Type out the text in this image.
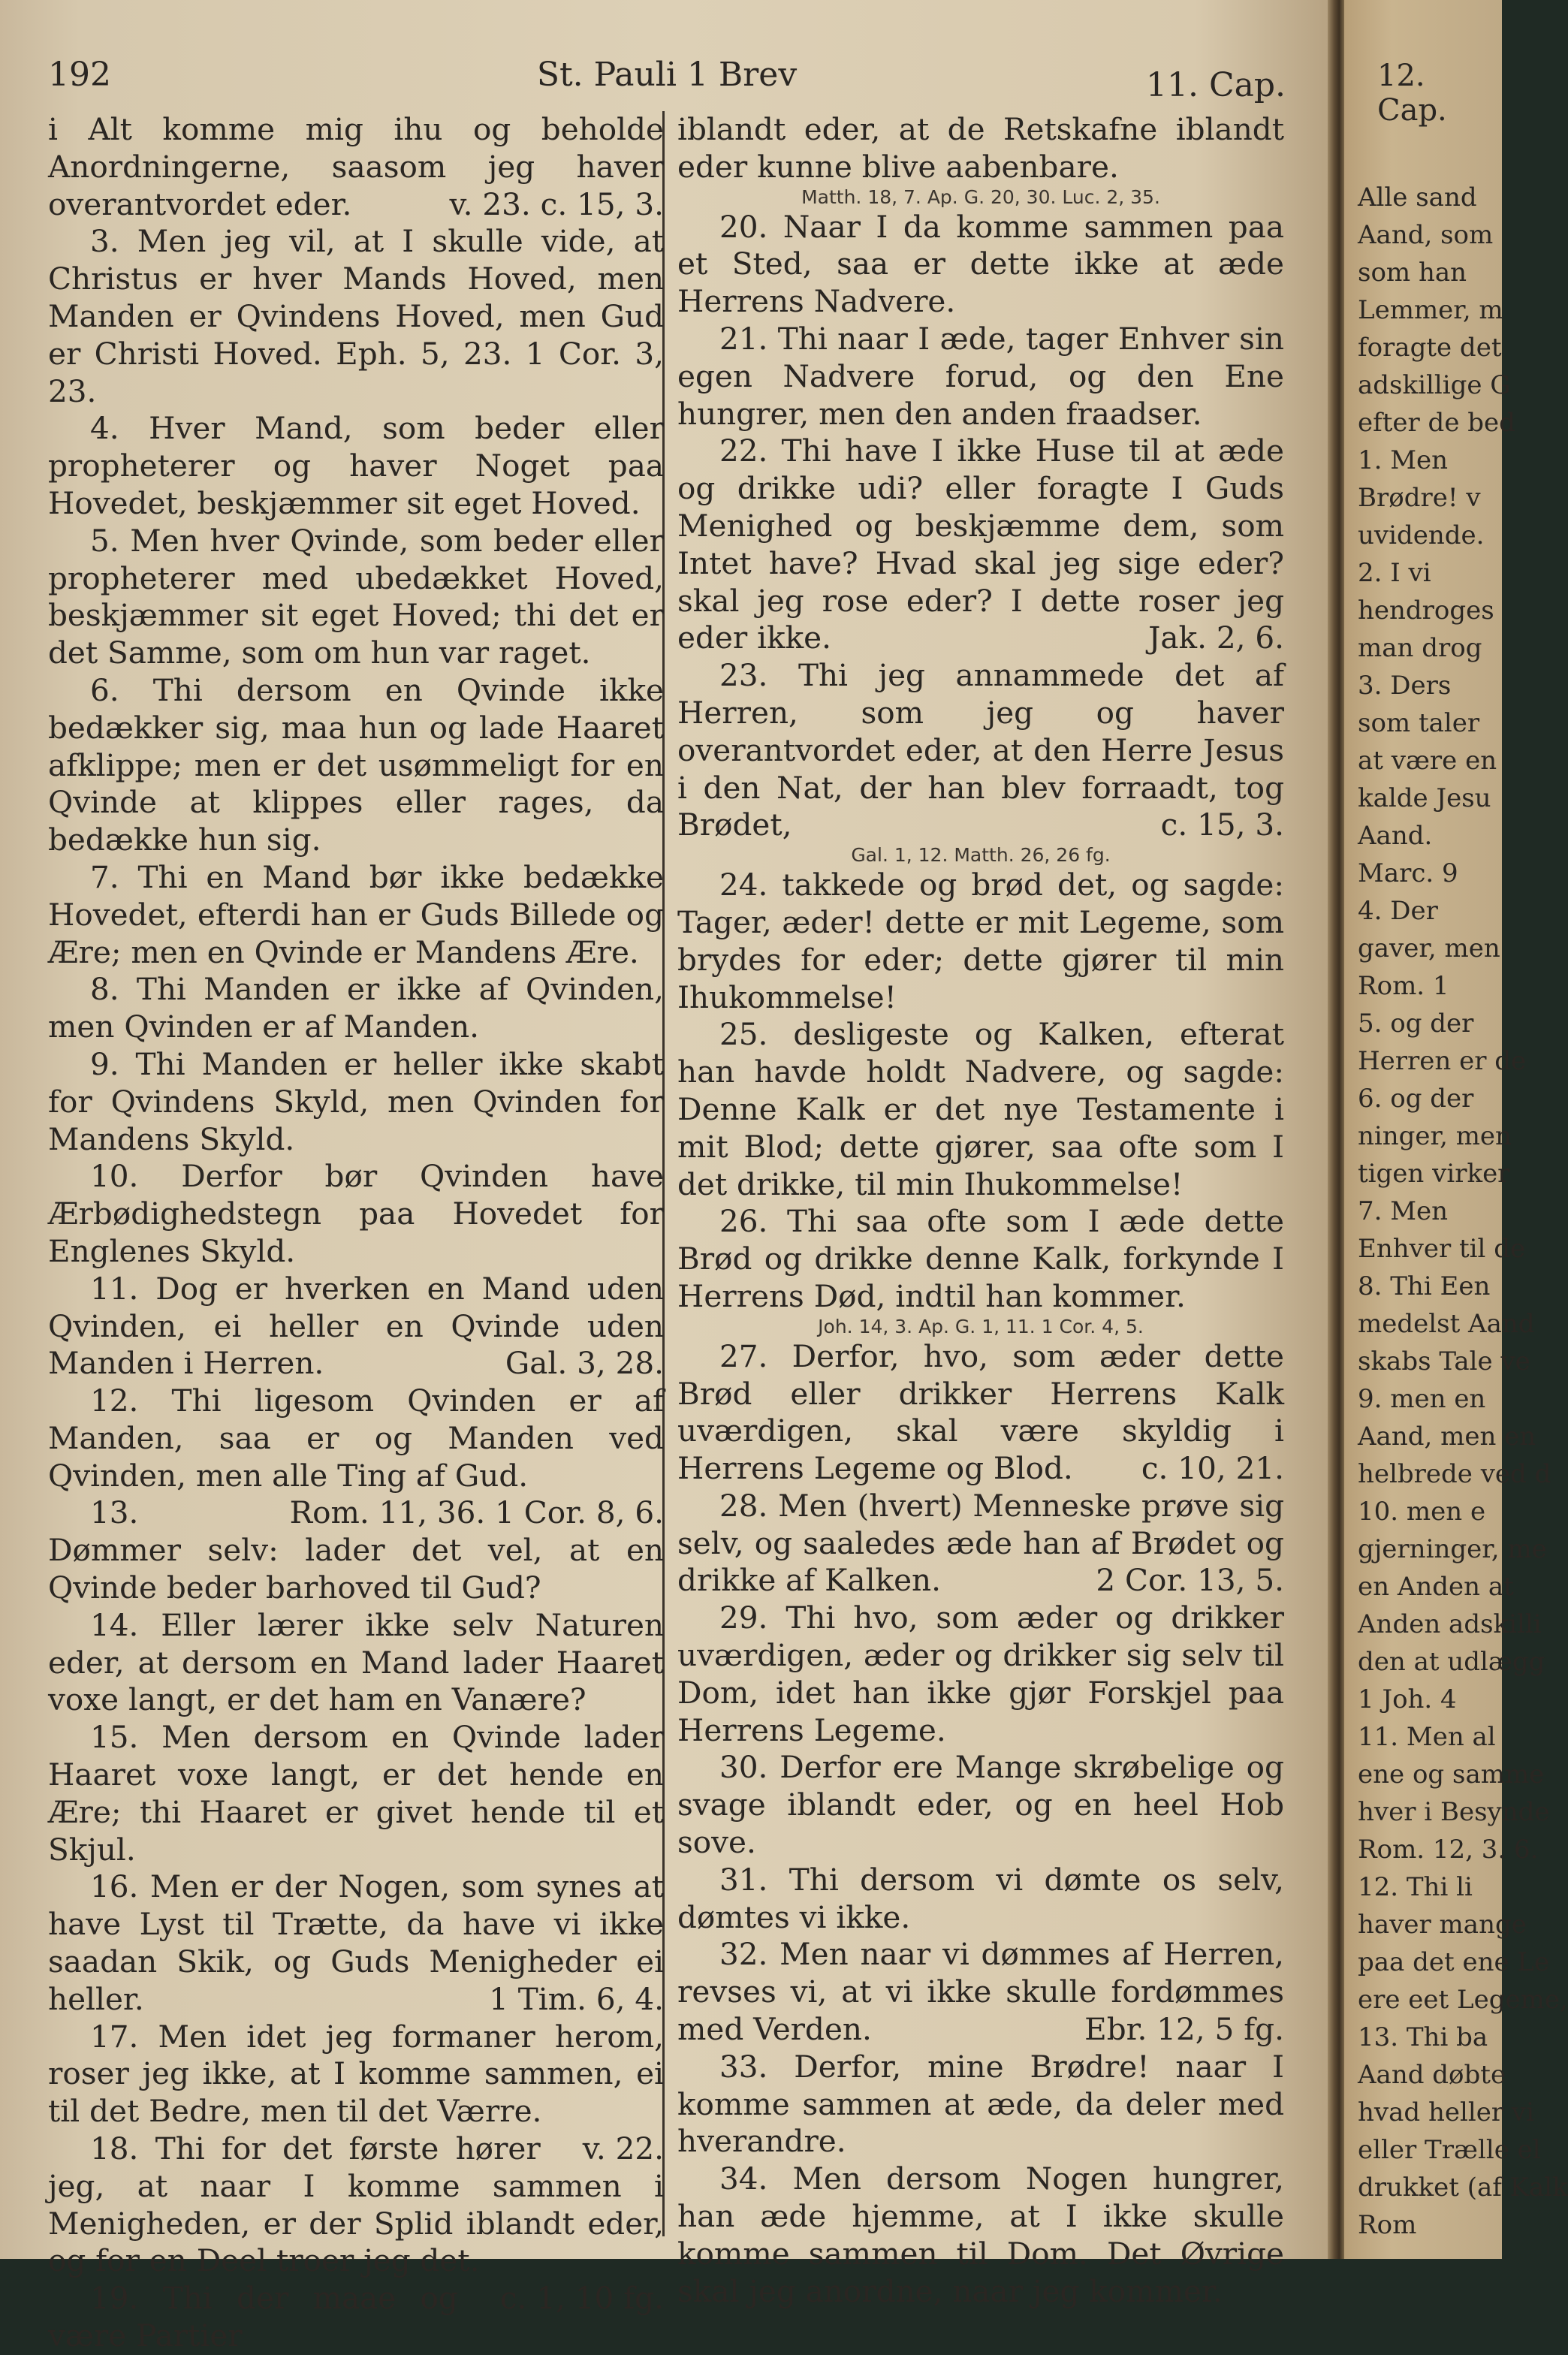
192	St. Pauli 1 Brev	11. Cap.

i Alt komme mig ihu og beholde Anordningerne, saasom jeg haver overantvordet eder.	v. 23. c. 15, 3.

3. Men jeg vil, at I skulle vide, at Christus er hver Mands Hoved, men Manden er Qvindens Hoved, men Gud er Christi Hoved. Eph. 5, 23. 1 Cor. 3, 23.

4. Hver Mand, som beder eller propheterer og haver Noget paa Hovedet, beskjæmmer sit eget Hoved.

5. Men hver Qvinde, som beder eller propheterer med ubedækket Hoved, beskjæmmer sit eget Hoved; thi det er det Samme, som om hun var raget.

6. Thi dersom en Qvinde ikke bedækker sig, maa hun og lade Haaret afklippe; men er det usømmeligt for en Qvinde at klippes eller rages, da bedække hun sig.

7. Thi en Mand bør ikke bedække Hovedet, efterdi han er Guds Billede og Ære; men en Qvinde er Mandens Ære.

8. Thi Manden er ikke af Qvinden, men Qvinden er af Manden.

9. Thi Manden er heller ikke skabt for Qvindens Skyld, men Qvinden for Mandens Skyld.

10. Derfor bør Qvinden have Ærbødighedstegn paa Hovedet for Englenes Skyld.

11. Dog er hverken en Mand uden Qvinden, ei heller en Qvinde uden Manden i Herren.	Gal. 3, 28.

12. Thi ligesom Qvinden er af Manden, saa er og Manden ved Qvinden, men alle Ting af Gud.
Rom. 11, 36. 1 Cor. 8, 6.

13. Dømmer selv: lader det vel, at en Qvinde beder barhoved til Gud?

14. Eller lærer ikke selv Naturen eder, at dersom en Mand lader Haaret voxe langt, er det ham en Vanære?

15. Men dersom en Qvinde lader Haaret voxe langt, er det hende en Ære; thi Haaret er givet hende til et Skjul.

16. Men er der Nogen, som synes at have Lyst til Trætte, da have vi ikke saadan Skik, og Guds Menigheder ei heller.	1 Tim. 6, 4.

17. Men idet jeg formaner herom, roser jeg ikke, at I komme sammen, ei til det Bedre, men til det Værre.
v. 22.

18. Thi for det første hører jeg, at naar I komme sammen i Menigheden, er der Splid iblandt eder, og for en Deel troer jeg det.
c. 1, 10 fg.

19. Thi der maae og være Partier

iblandt eder, at de Retskafne iblandt eder kunne blive aabenbare.

Matth. 18, 7. Ap. G. 20, 30. Luc. 2, 35.

20. Naar I da komme sammen paa et Sted, saa er dette ikke at æde Herrens Nadvere.

21. Thi naar I æde, tager Enhver sin egen Nadvere forud, og den Ene hungrer, men den anden fraadser.

22. Thi have I ikke Huse til at æde og drikke udi? eller foragte I Guds Menighed og beskjæmme dem, som Intet have? Hvad skal jeg sige eder? skal jeg rose eder? I dette roser jeg eder ikke.	Jak. 2, 6.

23. Thi jeg annammede det af Herren, som jeg og haver overantvordet eder, at den Herre Jesus i den Nat, der han blev forraadt, tog Brødet,	c. 15, 3.

Gal. 1, 12. Matth. 26, 26 fg.

24. takkede og brød det, og sagde: Tager, æder! dette er mit Legeme, som brydes for eder; dette gjører til min Ihukommelse!

25. desligeste og Kalken, efterat han havde holdt Nadvere, og sagde: Denne Kalk er det nye Testamente i mit Blod; dette gjører, saa ofte som I det drikke, til min Ihukommelse!

26. Thi saa ofte som I æde dette Brød og drikke denne Kalk, forkynde I Herrens Død, indtil han kommer.

Joh. 14, 3. Ap. G. 1, 11. 1 Cor. 4, 5.

27. Derfor, hvo, som æder dette Brød eller drikker Herrens Kalk uværdigen, skal være skyldig i Herrens Legeme og Blod.	c. 10, 21.

28. Men (hvert) Menneske prøve sig selv, og saaledes æde han af Brødet og drikke af Kalken.	2 Cor. 13, 5.

29. Thi hvo, som æder og drikker uværdigen, æder og drikker sig selv til Dom, idet han ikke gjør Forskjel paa Herrens Legeme.

30. Derfor ere Mange skrøbelige og svage iblandt eder, og en heel Hob sove.

31. Thi dersom vi dømte os selv, dømtes vi ikke.

32. Men naar vi dømmes af Herren, revses vi, at vi ikke skulle fordømmes med Verden.	Ebr. 12, 5 fg.

33. Derfor, mine Brødre! naar I komme sammen at æde, da deler med hverandre.

34. Men dersom Nogen hungrer, han æde hjemme, at I ikke skulle komme sammen til Dom. Det Øvrige skal jeg anordne, naar jeg kommer.

12. Cap.
Alle sand
Aand, som
som han
Lemmer, m
foragte det
adskillige G
efter de bed
1. Men
Brødre! v
uvidende.
2. I vi
hendroges
man drog
3. Ders
som taler
at være en
kalde Jesu
Aand.
Marc. 9
4. Der
gaver, men
Rom. 1
5. og der
Herren er de
6. og der
ninger, men
tigen virker
7. Men
Enhver til de
8. Thi Een
medelst Aand
skabs Tale ve
9. men en
Aand, men en
helbrede ved d
10. men e
gjerninger, me
en Anden at
Anden adskilli
den at udlægg
1 Joh. 4
11. Men al
ene og samme
hver i Besynde
Rom. 12, 3. 6.
12. Thi li
haver mange
paa det ene Le
ere eet Legeme,
13. Thi ba
Aand døbte
hvad heller vi
eller Trælle el
drukket (af Kalk
Rom
